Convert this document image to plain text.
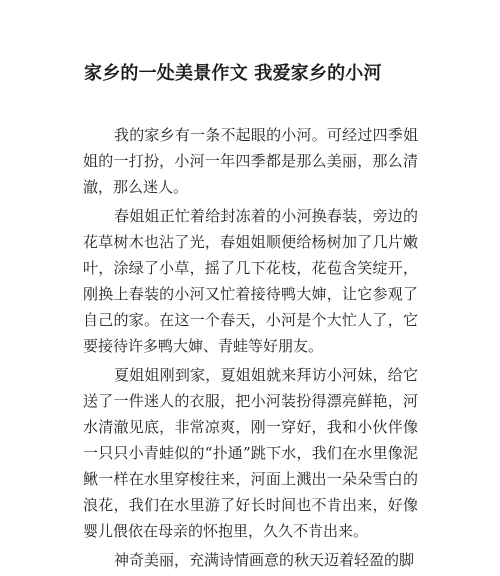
家乡的一处美景作文 我爱家乡的小河

我的家乡有一条不起眼的小河。可经过四季姐姐的一打扮，小河一年四季都是那么美丽，那么清澈，那么迷人。

春姐姐正忙着给封冻着的小河换春装，旁边的花草树木也沾了光，春姐姐顺便给杨树加了几片嫩叶，涂绿了小草，摇了几下花枝，花苞含笑绽开，刚换上春装的小河又忙着接待鸭大婶，让它参观了自己的家。在这一个春天，小河是个大忙人了，它要接待许多鸭大婶、青蛙等好朋友。

夏姐姐刚到家，夏姐姐就来拜访小河妹，给它送了一件迷人的衣服，把小河装扮得漂亮鲜艳，河水清澈见底，非常凉爽，刚一穿好，我和小伙伴像一只只小青蛙似的“扑通”跳下水，我们在水里像泥鳅一样在水里穿梭往来，河面上溅出一朵朵雪白的浪花，我们在水里游了好长时间也不肯出来，好像婴儿偎依在母亲的怀抱里，久久不肯出来。

神奇美丽，充满诗情画意的秋天迈着轻盈的脚
